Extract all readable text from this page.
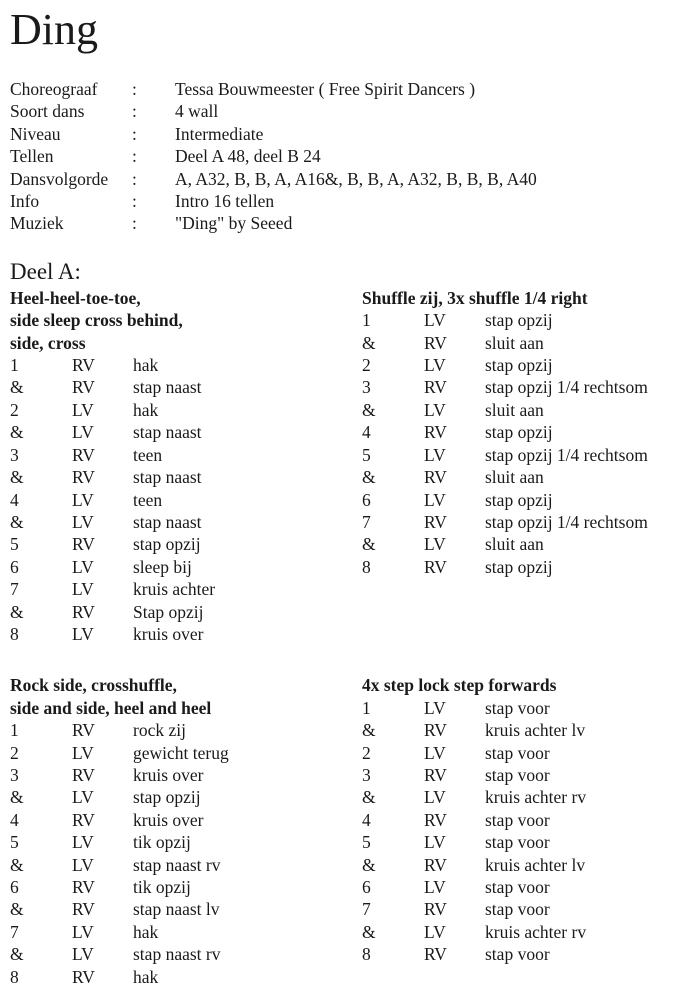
Ding
Choreograaf	:	Tessa Bouwmeester ( Free Spirit Dancers )
Soort dans	:	4 wall
Niveau	:	Intermediate
Tellen	:	Deel A 48, deel B 24
Dansvolgorde	:	A, A32, B, B, A, A16&, B, B, A, A32, B, B, B, A40
Info	:	Intro 16 tellen
Muziek	:	"Ding" by Seeed
Deel A:
Heel-heel-toe-toe,
side sleep cross behind,
side, cross
1	RV	hak
&	RV	stap naast
2	LV	hak
&	LV	stap naast
3	RV	teen
&	RV	stap naast
4	LV	teen
&	LV	stap naast
5	RV	stap opzij
6	LV	sleep bij
7	LV	kruis achter
&	RV	Stap opzij
8	LV	kruis over
Shuffle zij, 3x shuffle 1/4 right
1	LV	stap opzij
&	RV	sluit aan
2	LV	stap opzij
3	RV	stap opzij 1/4 rechtsom
&	LV	sluit aan
4	RV	stap opzij
5	LV	stap opzij 1/4 rechtsom
&	RV	sluit aan
6	LV	stap opzij
7	RV	stap opzij 1/4 rechtsom
&	LV	sluit aan
8	RV	stap opzij
Rock side, crosshuffle,
side and side, heel and heel
1	RV	rock zij
2	LV	gewicht terug
3	RV	kruis over
&	LV	stap opzij
4	RV	kruis over
5	LV	tik opzij
&	LV	stap naast rv
6	RV	tik opzij
&	RV	stap naast lv
7	LV	hak
&	LV	stap naast rv
8	RV	hak
4x step lock step forwards
1	LV	stap voor
&	RV	kruis achter lv
2	LV	stap voor
3	RV	stap voor
&	LV	kruis achter rv
4	RV	stap voor
5	LV	stap voor
&	RV	kruis achter lv
6	LV	stap voor
7	RV	stap voor
&	LV	kruis achter rv
8	RV	stap voor
